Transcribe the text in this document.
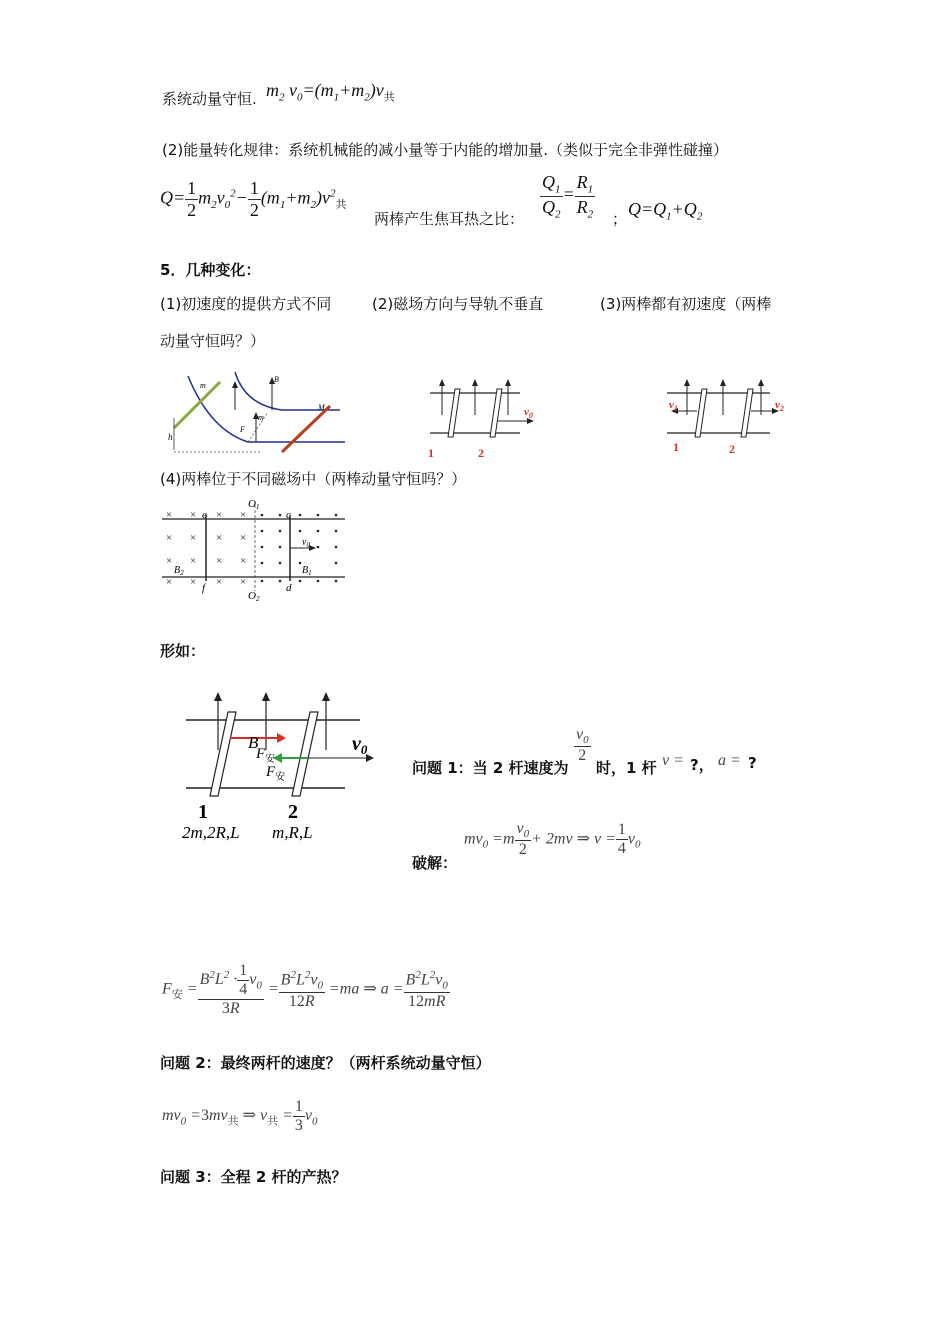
系统动量守恒. $m_2$ $v_0=(m_1+m_2)v_共$
(2)能量转化规律：系统机械能的减小量等于内能的增加量.（类似于完全非弹性碰撞）
$Q= \frac{1}{2} m_2v_0^2- \frac{1}{2} (m_1+m_2)v^2_共$
两棒产生焦耳热之比： $\frac{Q_1}{Q_2} = \frac{R_1}{R_2}$ ； $Q=Q_1+Q_2$
5．几种变化：
(1)初速度的提供方式不同	(2)磁场方向与导轨不垂直	(3)两棒都有初速度（两棒
动量守恒吗？）
m
B
M
h
F
m	$v_0$
1	2
$v_1$	$v_2$
1	2
(4)两棒位于不同磁场中（两棒动量守恒吗？）
× × × ×
× × × ×
× × × ×
× × × ×
O1
O2
e
f
c
d
$v_0$
$B_1$
$B_2$
形如：
$v_0$
B
$F_安$
$F_安$
1	2
2m,2R,L m,R,L
问题 1：当 2 杆速度为
$\frac{v_0}{2}$
时，1 杆 v = ?， a = ?
$mv_0 =m \frac{v_0}{2} + 2mv$ ⇒ $v = \frac{1}{4} v_0$
破解：
$F_安 = \frac{B^2L^2 \cdot \frac{1}{4} v_0}{3R} = \frac{B^2L^2v_0}{12R} =ma$ ⇒ $a = \frac{B^2L^2v_0}{12mR}$
问题 2：最终两杆的速度？（两杆系统动量守恒）
$mv_0 =3mv_共$ ⇒ $v_共 = \frac{1}{3} v_0$
问题 3：全程 2 杆的产热？
